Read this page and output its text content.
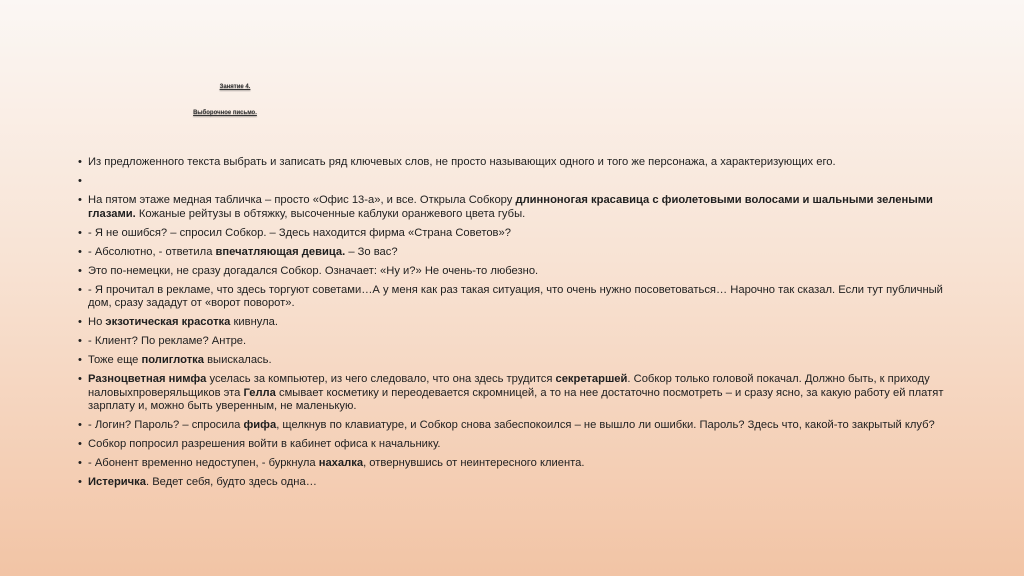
Занятие 4.
Выборочное письмо.
• Из предложенного текста выбрать и записать ряд ключевых слов, не просто называющих одного и того же персонажа, а характеризующих его.
•
• На пятом этаже медная табличка – просто «Офис 13-а», и все. Открыла Собкору длинноногая красавица с фиолетовыми волосами и шальными зелеными глазами. Кожаные рейтузы в обтяжку, высоченные каблуки оранжевого цвета губы.
• - Я не ошибся? – спросил Собкор. – Здесь находится фирма «Страна Советов»?
• - Абсолютно, - ответила впечатляющая девица. – Зо вас?
• Это по-немецки, не сразу догадался Собкор. Означает: «Ну и?» Не очень-то любезно.
• - Я прочитал в рекламе, что здесь торгуют советами…А у меня как раз такая ситуация, что очень нужно посоветоваться… Нарочно так сказал. Если тут публичный дом, сразу зададут от «ворот поворот».
• Но экзотическая красотка кивнула.
• - Клиент? По рекламе? Антре.
• Тоже еще полиглотка выискалась.
• Разноцветная нимфа уселась за компьютер, из чего следовало, что она здесь трудится секретаршей. Собкор только головой покачал. Должно быть, к приходу наловыхпроверяльщиков эта Гелла смывает косметику и переодевается скромницей, а то на нее достаточно посмотреть – и сразу ясно, за какую работу ей платят зарплату и, можно быть уверенным, не маленькую.
• - Логин? Пароль? – спросила фифа, щелкнув по клавиатуре, и Собкор снова забеспокоился – не вышло ли ошибки. Пароль? Здесь что, какой-то закрытый клуб?
• Собкор попросил разрешения войти в кабинет офиса к начальнику.
• - Абонент временно недоступен, - буркнула нахалка, отвернувшись от неинтересного клиента.
• Истеричка. Ведет себя, будто здесь одна…
